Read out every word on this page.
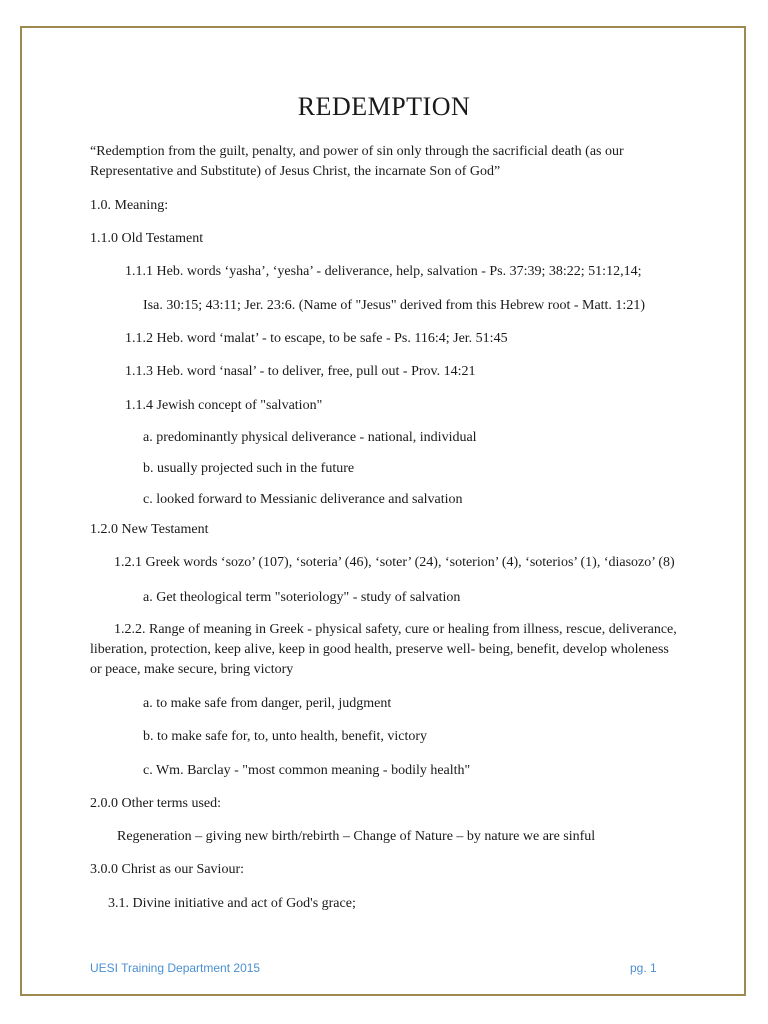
REDEMPTION
“Redemption from the guilt, penalty, and power of sin only through the sacrificial death (as our Representative and Substitute) of Jesus Christ, the incarnate Son of God”
1.0. Meaning:
1.1.0 Old Testament
1.1.1 Heb. words ‘yasha’, ‘yesha’ - deliverance, help, salvation - Ps. 37:39; 38:22; 51:12,14;
Isa. 30:15; 43:11; Jer. 23:6. (Name of "Jesus" derived from this Hebrew root - Matt. 1:21)
1.1.2 Heb. word ‘malat’ - to escape, to be safe - Ps. 116:4; Jer. 51:45
1.1.3 Heb. word ‘nasal’ - to deliver, free, pull out - Prov. 14:21
1.1.4 Jewish concept of "salvation"
a. predominantly physical deliverance - national, individual
b. usually projected such in the future
c. looked forward to Messianic deliverance and salvation
1.2.0 New Testament
1.2.1 Greek words ‘sozo’ (107), ‘soteria’ (46), ‘soter’ (24), ‘soterion’ (4), ‘soterios’ (1), ‘diasozo’ (8)
a. Get theological term "soteriology" - study of salvation
1.2.2. Range of meaning in Greek - physical safety, cure or healing from illness, rescue, deliverance, liberation, protection, keep alive, keep in good health, preserve well- being, benefit, develop wholeness or peace, make secure, bring victory
a. to make safe from danger, peril, judgment
b. to make safe for, to, unto health, benefit, victory
c. Wm. Barclay - "most common meaning - bodily health"
2.0.0 Other terms used:
Regeneration – giving new birth/rebirth – Change of Nature – by nature we are sinful
3.0.0 Christ as our Saviour:
3.1. Divine initiative and act of God's grace;
UESI Training Department 2015	pg. 1
